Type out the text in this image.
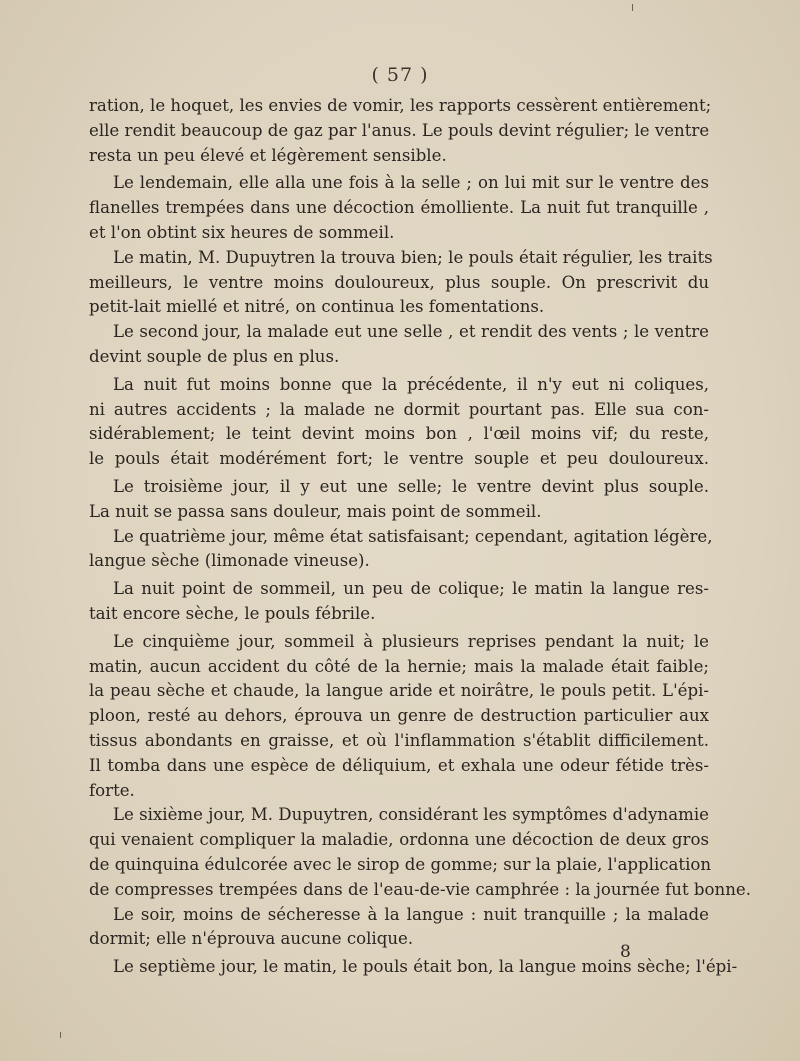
( 57 )
ration, le hoquet, les envies de vomir, les rapports cessèrent entièrement;
elle rendit beaucoup de gaz par l'anus. Le pouls devint régulier; le ventre
resta un peu élevé et légèrement sensible.
Le lendemain, elle alla une fois à la selle ; on lui mit sur le ventre des
flanelles trempées dans une décoction émolliente. La nuit fut tranquille ,
et l'on obtint six heures de sommeil.
Le matin, M. Dupuytren la trouva bien; le pouls était régulier, les traits
meilleurs, le ventre moins douloureux, plus souple. On prescrivit du
petit-lait miellé et nitré, on continua les fomentations.
Le second jour, la malade eut une selle , et rendit des vents ; le ventre
devint souple de plus en plus.
La nuit fut moins bonne que la précédente, il n'y eut ni coliques,
ni autres accidents ; la malade ne dormit pourtant pas. Elle sua con-
sidérablement; le teint devint moins bon , l'œil moins vif; du reste,
le pouls était modérément fort; le ventre souple et peu douloureux.
Le troisième jour, il y eut une selle; le ventre devint plus souple.
La nuit se passa sans douleur, mais point de sommeil.
Le quatrième jour, même état satisfaisant; cependant, agitation légère,
langue sèche (limonade vineuse).
La nuit point de sommeil, un peu de colique; le matin la langue res-
tait encore sèche, le pouls fébrile.
Le cinquième jour, sommeil à plusieurs reprises pendant la nuit; le
matin, aucun accident du côté de la hernie; mais la malade était faible;
la peau sèche et chaude, la langue aride et noirâtre, le pouls petit. L'épi-
ploon, resté au dehors, éprouva un genre de destruction particulier aux
tissus abondants en graisse, et où l'inflammation s'établit difficilement.
Il tomba dans une espèce de déliquium, et exhala une odeur fétide très-
forte.
Le sixième jour, M. Dupuytren, considérant les symptômes d'adynamie
qui venaient compliquer la maladie, ordonna une décoction de deux gros
de quinquina édulcorée avec le sirop de gomme; sur la plaie, l'application
de compresses trempées dans de l'eau-de-vie camphrée : la journée fut bonne.
Le soir, moins de sécheresse à la langue : nuit tranquille ; la malade
dormit; elle n'éprouva aucune colique.
Le septième jour, le matin, le pouls était bon, la langue moins sèche; l'épi-
8
